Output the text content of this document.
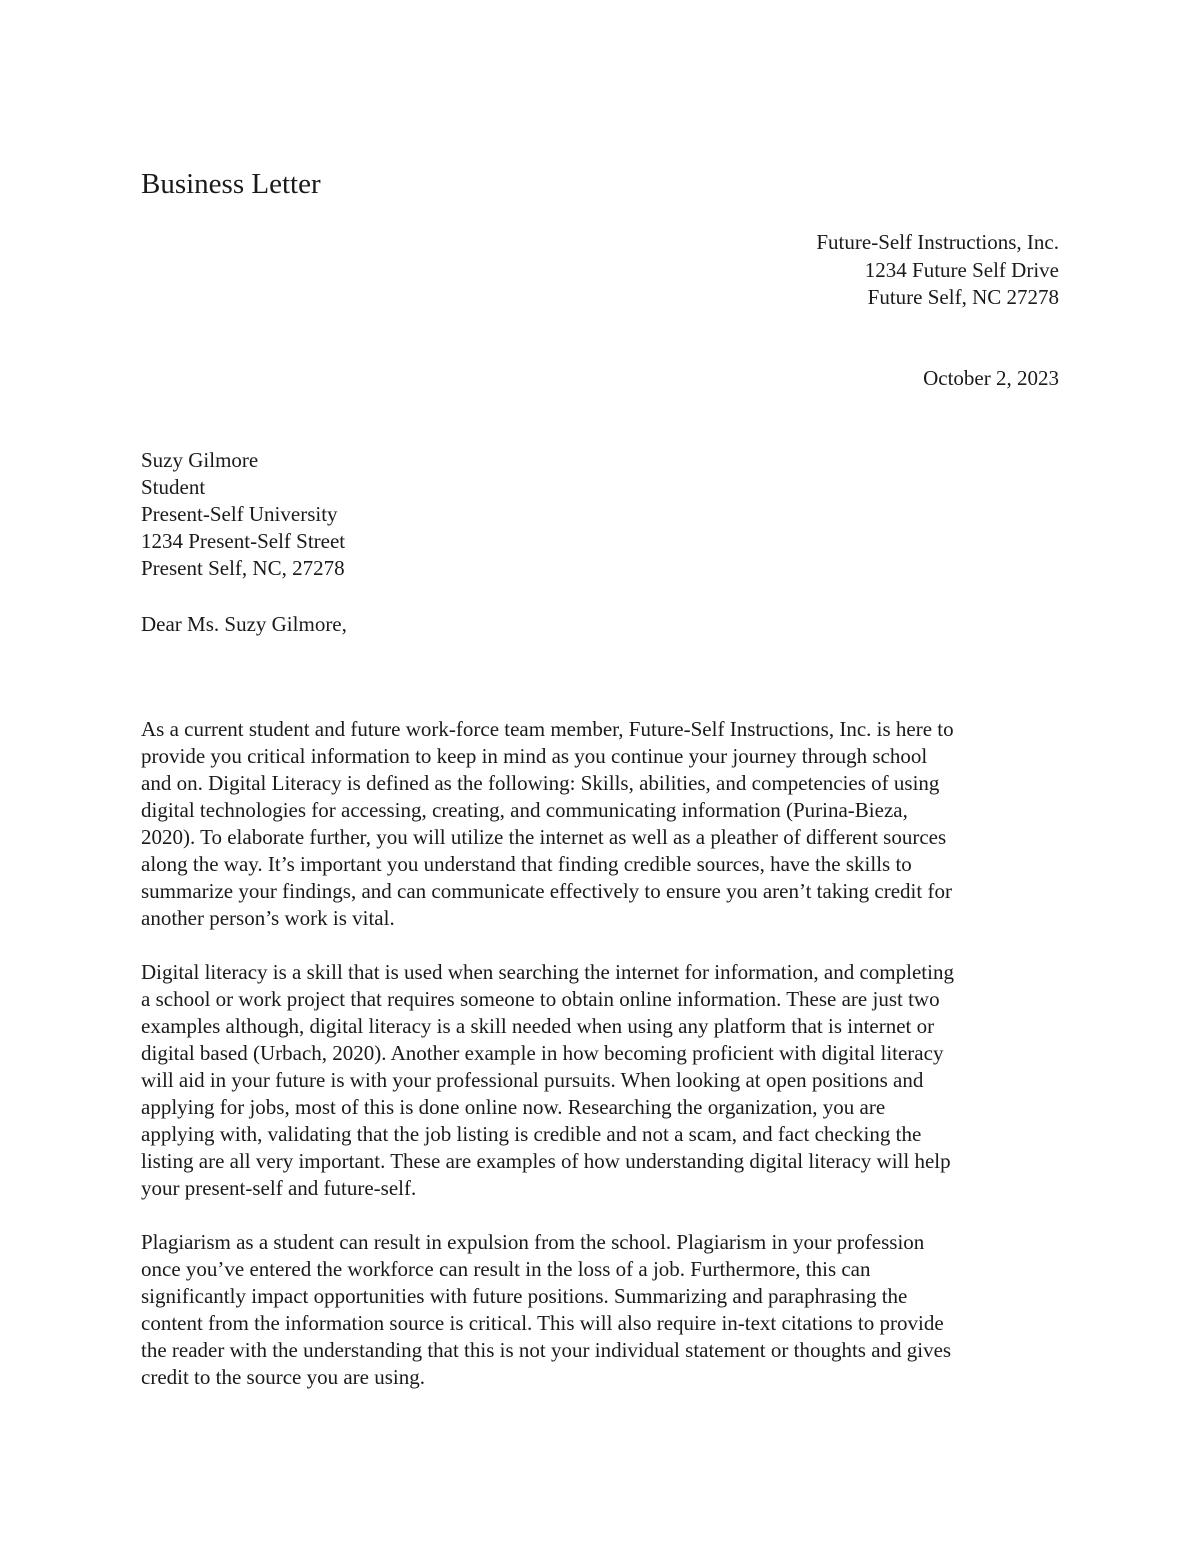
Business Letter
Future-Self Instructions, Inc.
1234 Future Self Drive
Future Self, NC 27278
October 2, 2023
Suzy Gilmore
Student
Present-Self University
1234 Present-Self Street
Present Self, NC, 27278
Dear Ms. Suzy Gilmore,

As a current student and future work-force team member, Future-Self Instructions, Inc. is here to
provide you critical information to keep in mind as you continue your journey through school
and on. Digital Literacy is defined as the following: Skills, abilities, and competencies of using
digital technologies for accessing, creating, and communicating information (Purina-Bieza,
2020). To elaborate further, you will utilize the internet as well as a pleather of different sources
along the way. It’s important you understand that finding credible sources, have the skills to
summarize your findings, and can communicate effectively to ensure you aren’t taking credit for
another person’s work is vital.

Digital literacy is a skill that is used when searching the internet for information, and completing
a school or work project that requires someone to obtain online information. These are just two
examples although, digital literacy is a skill needed when using any platform that is internet or
digital based (Urbach, 2020). Another example in how becoming proficient with digital literacy
will aid in your future is with your professional pursuits. When looking at open positions and
applying for jobs, most of this is done online now. Researching the organization, you are
applying with, validating that the job listing is credible and not a scam, and fact checking the
listing are all very important. These are examples of how understanding digital literacy will help
your present-self and future-self.

Plagiarism as a student can result in expulsion from the school. Plagiarism in your profession
once you’ve entered the workforce can result in the loss of a job. Furthermore, this can
significantly impact opportunities with future positions. Summarizing and paraphrasing the
content from the information source is critical. This will also require in-text citations to provide
the reader with the understanding that this is not your individual statement or thoughts and gives
credit to the source you are using.
